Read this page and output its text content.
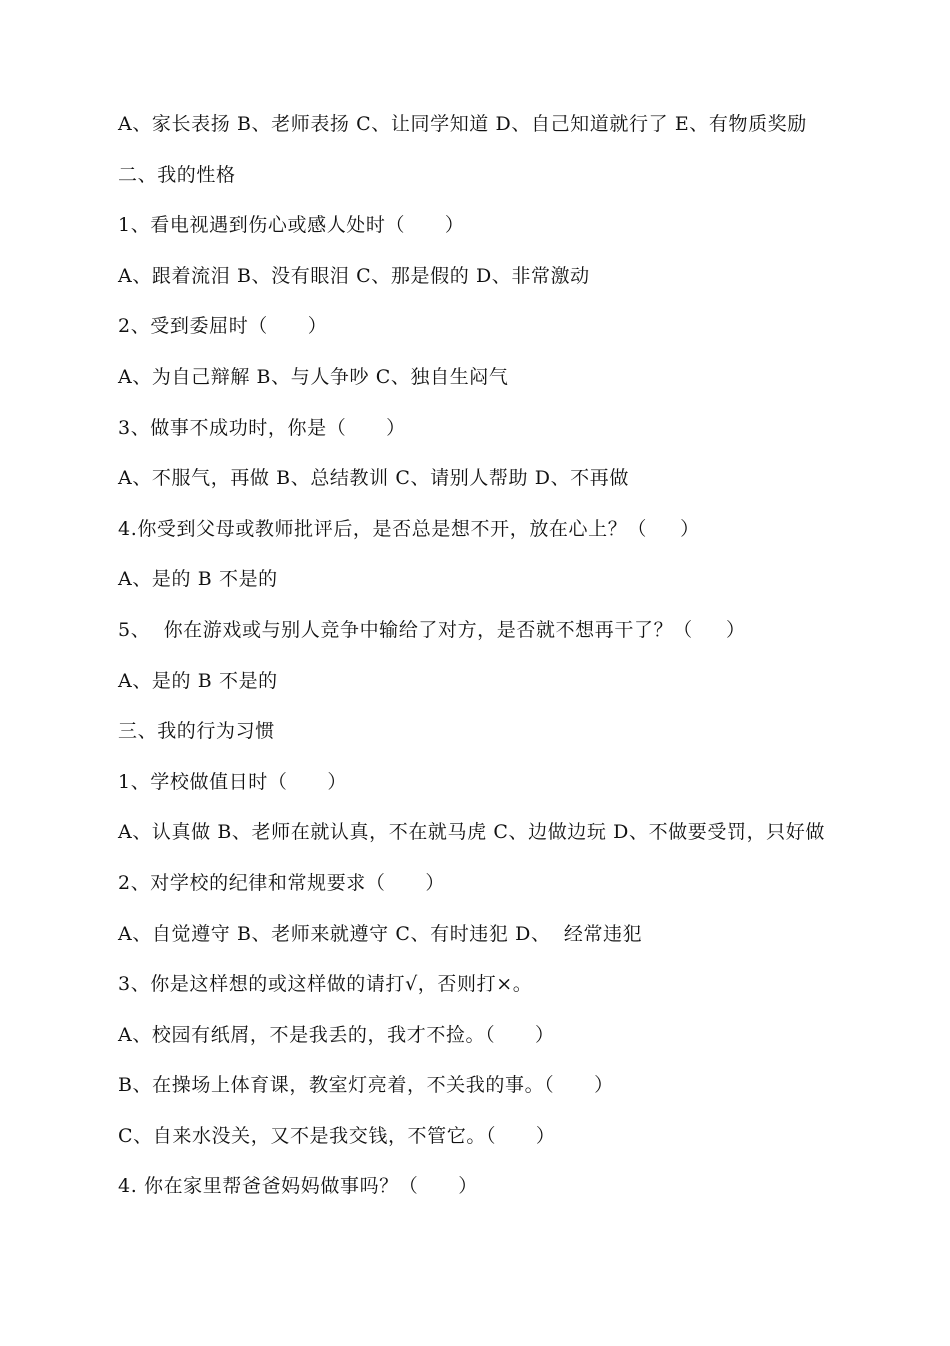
A、家长表扬 B、老师表扬 C、让同学知道 D、自己知道就行了 E、有物质奖励
二、我的性格
1、看电视遇到伤心或感人处时（      ）
A、跟着流泪 B、没有眼泪 C、那是假的 D、非常激动
2、受到委屈时（      ）
A、为自己辩解 B、与人争吵 C、独自生闷气
3、做事不成功时，你是（      ）
A、不服气，再做 B、总结教训 C、请别人帮助 D、不再做
4.你受到父母或教师批评后，是否总是想不开，放在心上？（     ）
A、是的 B 不是的
5、  你在游戏或与别人竞争中输给了对方，是否就不想再干了？（     ）
A、是的 B 不是的
三、我的行为习惯
1、学校做值日时（      ）
A、认真做 B、老师在就认真，不在就马虎 C、边做边玩 D、不做要受罚，只好做
2、对学校的纪律和常规要求（      ）
A、自觉遵守 B、老师来就遵守 C、有时违犯 D、  经常违犯
3、你是这样想的或这样做的请打√，否则打×。
A、校园有纸屑，不是我丢的，我才不捡。（      ）
B、在操场上体育课，教室灯亮着，不关我的事。（      ）
C、自来水没关，又不是我交钱，不管它。（      ）
4. 你在家里帮爸爸妈妈做事吗？（      ）
